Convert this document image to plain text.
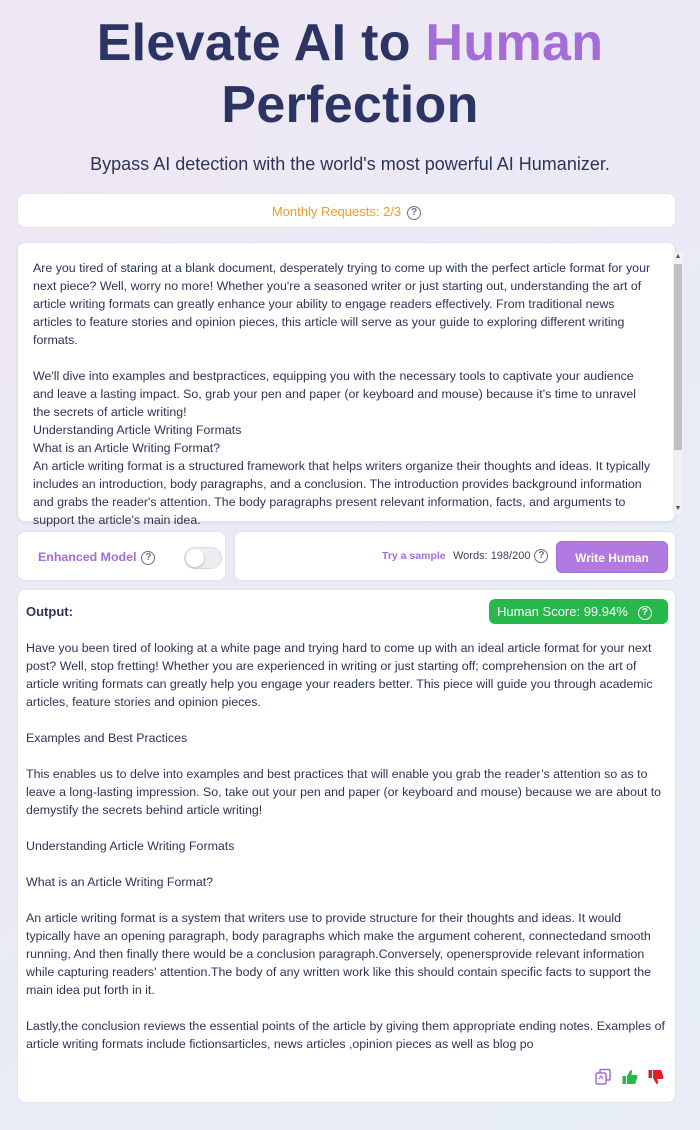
Elevate AI to Human
Perfection
Bypass AI detection with the world's most powerful AI Humanizer.
Monthly Requests: 2/3 ?
Are you tired of staring at a blank document, desperately trying to come up with the perfect article format for your next piece? Well, worry no more! Whether you're a seasoned writer or just starting out, understanding the art of article writing formats can greatly enhance your ability to engage readers effectively. From traditional news articles to feature stories and opinion pieces, this article will serve as your guide to exploring different writing formats.

We'll dive into examples and bestpractices, equipping you with the necessary tools to captivate your audience and leave a lasting impact. So, grab your pen and paper (or keyboard and mouse) because it's time to unravel the secrets of article writing!
Understanding Article Writing Formats
What is an Article Writing Format?
An article writing format is a structured framework that helps writers organize their thoughts and ideas. It typically includes an introduction, body paragraphs, and a conclusion. The introduction provides background information and grabs the reader's attention. The body paragraphs present relevant information, facts, and arguments to support the article's main idea.
▲
▼
Enhanced Model ?	Try a sample Words: 198/200 ?	Write Human
Output:	Human Score: 99.94% ?
Have you been tired of looking at a white page and trying hard to come up with an ideal article format for your next post? Well, stop fretting! Whether you are experienced in writing or just starting off; comprehension on the art of article writing formats can greatly help you engage your readers better. This piece will guide you through academic articles, feature stories and opinion pieces.

Examples and Best Practices

This enables us to delve into examples and best practices that will enable you grab the reader’s attention so as to leave a long-lasting impression. So, take out your pen and paper (or keyboard and mouse) because we are about to demystify the secrets behind article writing!

Understanding Article Writing Formats

What is an Article Writing Format?

An article writing format is a system that writers use to provide structure for their thoughts and ideas. It would typically have an opening paragraph, body paragraphs which make the argument coherent, connectedand smooth running, And then finally there would be a conclusion paragraph.Conversely, openersprovide relevant information while capturing readers' attention.The body of any written work like this should contain specific facts to support the main idea put forth in it.

Lastly,the conclusion reviews the essential points of the article by giving them appropriate ending notes. Examples of article writing formats include fictionsarticles, news articles ,opinion pieces as well as blog po
